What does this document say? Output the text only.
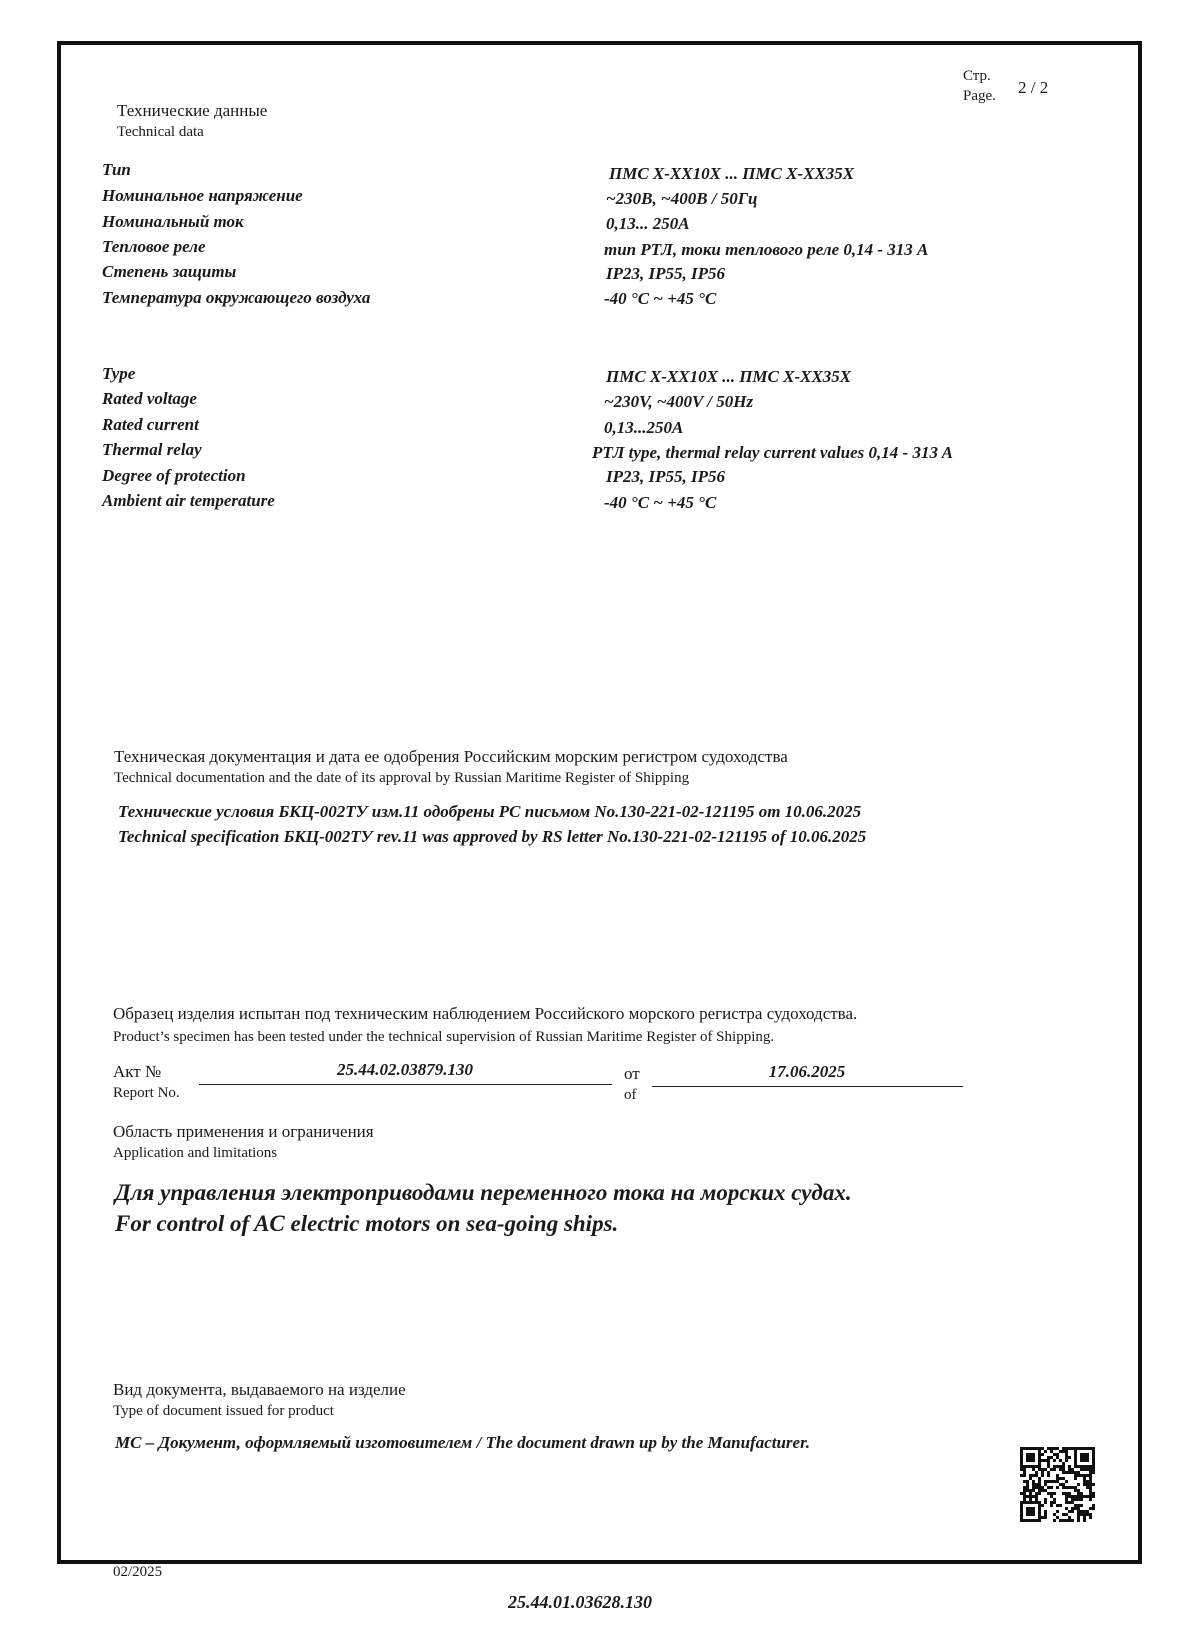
Стр.
Page. 2 / 2
Технические данные
Technical data
Тип	ПМС X-XX10X ... ПМС X-XX35X
Номинальное напряжение	~230В, ~400В / 50Гц
Номинальный ток	0,13... 250А
Тепловое реле	тип РТЛ, токи теплового реле 0,14 - 313 А
Степень защиты	IP23, IP55, IP56
Температура окружающего воздуха	-40 °C ~ +45 °C
Type	ПМС X-XX10X ... ПМС X-XX35X
Rated voltage	~230V, ~400V / 50Hz
Rated current	0,13...250A
Thermal relay	РТЛ type, thermal relay current values 0,14 - 313 A
Degree of protection	IP23, IP55, IP56
Ambient air temperature	-40 °C ~ +45 °C
Техническая документация и дата ее одобрения Российским морским регистром судоходства
Technical documentation and the date of its approval by Russian Maritime Register of Shipping
Технические условия БКЦ-002ТУ изм.11 одобрены РС письмом No.130-221-02-121195 от 10.06.2025
Technical specification БКЦ-002ТУ rev.11 was approved by RS letter No.130-221-02-121195 of 10.06.2025
Образец изделия испытан под техническим наблюдением Российского морского регистра судоходства.
Product’s specimen has been tested under the technical supervision of Russian Maritime Register of Shipping.
Акт №
Report No.
25.44.02.03879.130	от
of
17.06.2025
Область применения и ограничения
Application and limitations
Для управления электроприводами переменного тока на морских судах.
For control of AC electric motors on sea-going ships.
Вид документа, выдаваемого на изделие
Type of document issued for product
МС – Документ, оформляемый изготовителем / The document drawn up by the Manufacturer.
02/2025
25.44.01.03628.130
